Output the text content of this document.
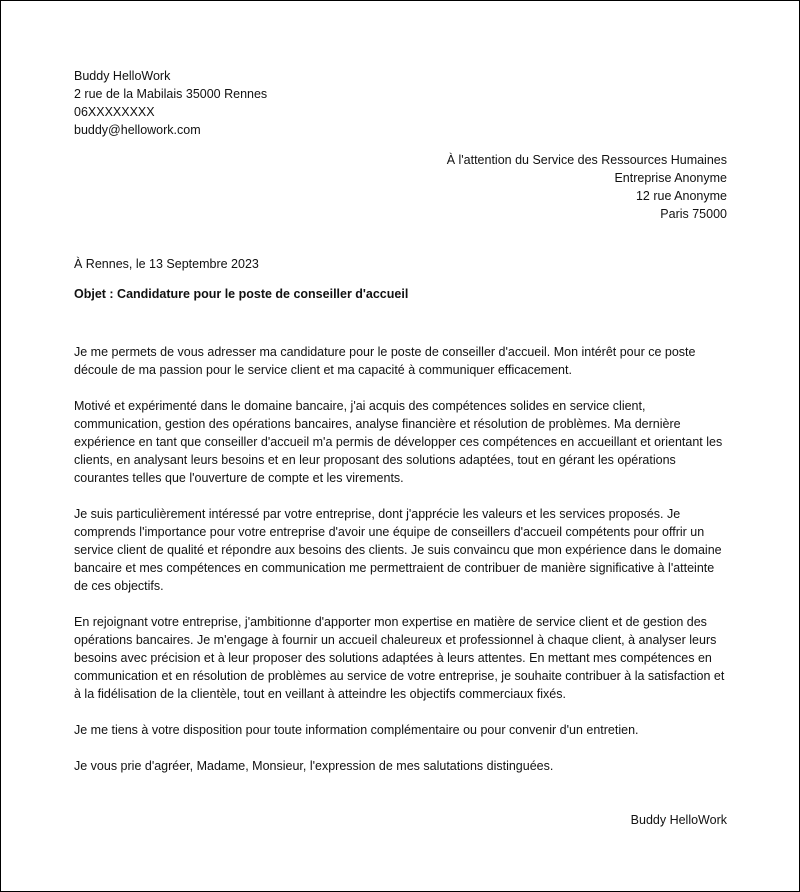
Buddy HelloWork
2 rue de la Mabilais 35000 Rennes
06XXXXXXXX
buddy@hellowork.com
À l'attention du Service des Ressources Humaines
Entreprise Anonyme
12 rue Anonyme
Paris 75000
À Rennes, le 13 Septembre 2023
Objet : Candidature pour le poste de conseiller d'accueil

Je me permets de vous adresser ma candidature pour le poste de conseiller d'accueil. Mon intérêt pour ce poste découle de ma passion pour le service client et ma capacité à communiquer efficacement.

Motivé et expérimenté dans le domaine bancaire, j'ai acquis des compétences solides en service client, communication, gestion des opérations bancaires, analyse financière et résolution de problèmes. Ma dernière expérience en tant que conseiller d'accueil m'a permis de développer ces compétences en accueillant et orientant les clients, en analysant leurs besoins et en leur proposant des solutions adaptées, tout en gérant les opérations courantes telles que l'ouverture de compte et les virements.

Je suis particulièrement intéressé par votre entreprise, dont j'apprécie les valeurs et les services proposés. Je comprends l'importance pour votre entreprise d'avoir une équipe de conseillers d'accueil compétents pour offrir un service client de qualité et répondre aux besoins des clients. Je suis convaincu que mon expérience dans le domaine bancaire et mes compétences en communication me permettraient de contribuer de manière significative à l'atteinte de ces objectifs.

En rejoignant votre entreprise, j'ambitionne d'apporter mon expertise en matière de service client et de gestion des opérations bancaires. Je m'engage à fournir un accueil chaleureux et professionnel à chaque client, à analyser leurs besoins avec précision et à leur proposer des solutions adaptées à leurs attentes. En mettant mes compétences en communication et en résolution de problèmes au service de votre entreprise, je souhaite contribuer à la satisfaction et à la fidélisation de la clientèle, tout en veillant à atteindre les objectifs commerciaux fixés.

Je me tiens à votre disposition pour toute information complémentaire ou pour convenir d'un entretien.

Je vous prie d'agréer, Madame, Monsieur, l'expression de mes salutations distinguées.

Buddy HelloWork
